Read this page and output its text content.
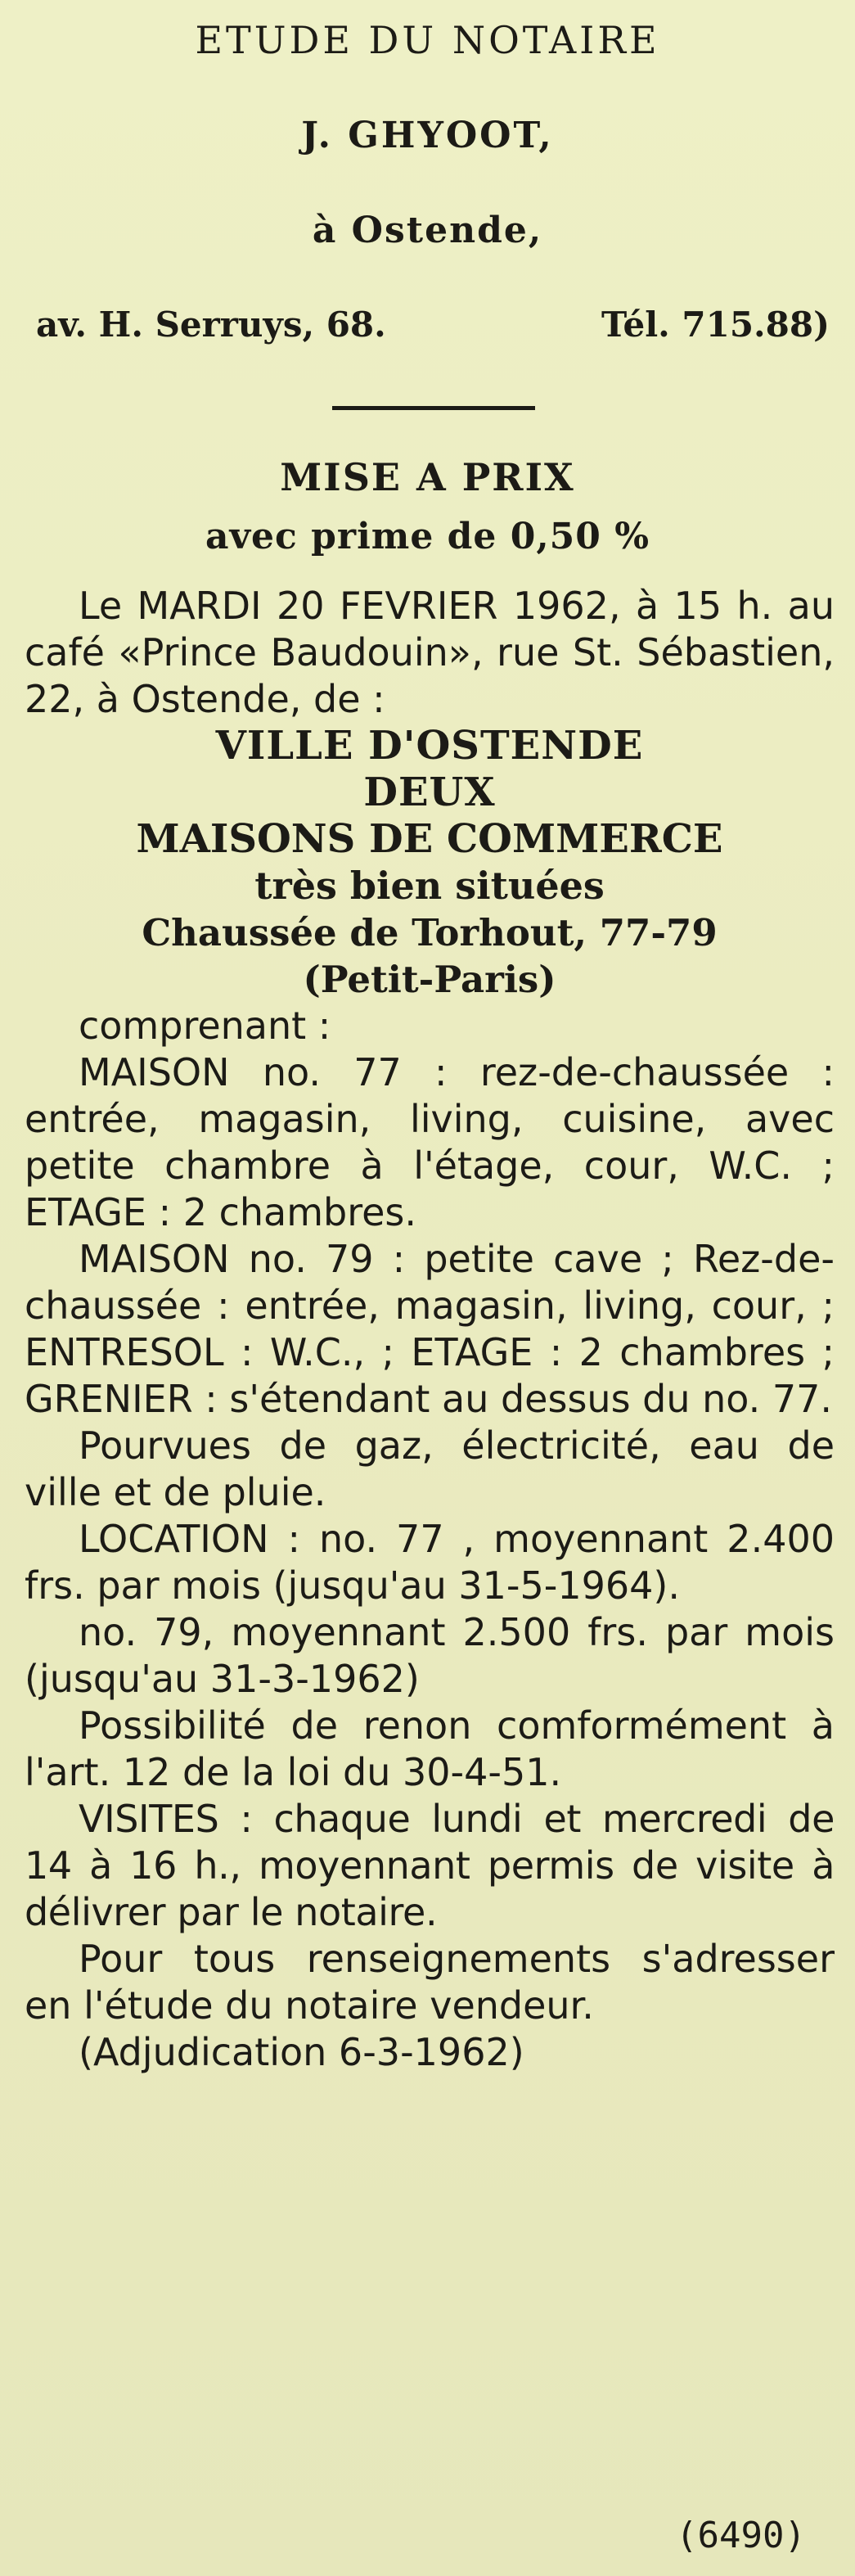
ETUDE DU NOTAIRE
J. GHYOOT,
à Ostende,
av. H. Serruys, 68.	Tél. 715.88)
MISE A PRIX
avec prime de 0,50 %

Le MARDI 20 FEVRIER 1962, à 15 h. au café «Prince Baudouin», rue St. Sébastien, 22, à Ostende, de :

VILLE D'OSTENDE

DEUX

MAISONS DE COMMERCE

très bien situées

Chaussée de Torhout, 77-79

(Petit-Paris)

comprenant :

MAISON no. 77 : rez-de-chaussée : entrée, magasin, living, cuisine, avec petite chambre à l'étage, cour, W.C. ; ETAGE : 2 chambres.

MAISON no. 79 : petite cave ; Rez-de-chaussée : entrée, magasin, living, cour, ; ENTRESOL : W.C., ; ETAGE : 2 chambres ; GRENIER : s'étendant au dessus du no. 77.

Pourvues de gaz, électricité, eau de ville et de pluie.

LOCATION : no. 77 , moyennant 2.400 frs. par mois (jusqu'au 31-5-1964).

no. 79, moyennant 2.500 frs. par mois (jusqu'au 31-3-1962)

Possibilité de renon comformément à l'art. 12 de la loi du 30-4-51.

VISITES : chaque lundi et mercredi de 14 à 16 h., moyennant permis de visite à délivrer par le notaire.

Pour tous renseignements s'adresser en l'étude du notaire vendeur.

(Adjudication 6-3-1962)

(6490)
